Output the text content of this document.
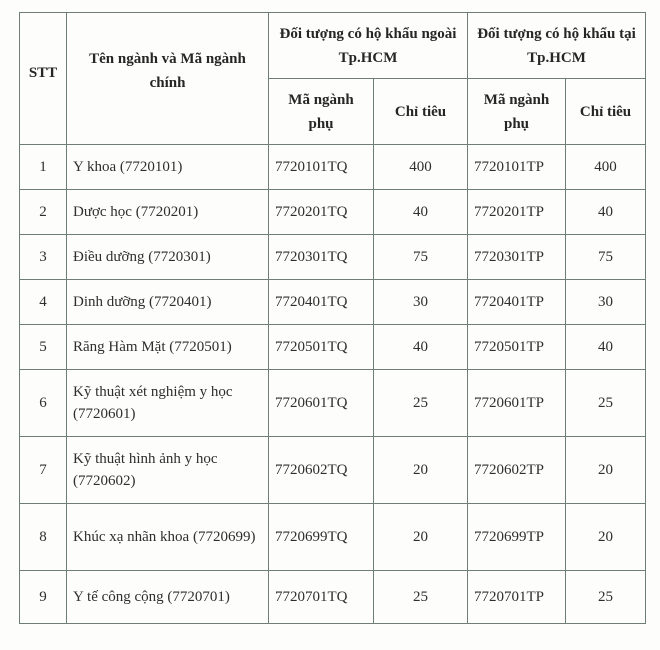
STT	Tên ngành và Mã ngành chính	Đối tượng có hộ khẩu ngoài Tp.HCM		Đối tượng có hộ khẩu tại Tp.HCM	
		Mã ngành phụ	Chỉ tiêu	Mã ngành phụ	Chỉ tiêu
1	Y khoa (7720101)	7720101TQ	400	7720101TP	400
2	Dược học (7720201)	7720201TQ	40	7720201TP	40
3	Điều dưỡng (7720301)	7720301TQ	75	7720301TP	75
4	Dinh dưỡng (7720401)	7720401TQ	30	7720401TP	30
5	Răng Hàm Mặt (7720501)	7720501TQ	40	7720501TP	40
6	Kỹ thuật xét nghiệm y học (7720601)	7720601TQ	25	7720601TP	25
7	Kỹ thuật hình ảnh y học (7720602)	7720602TQ	20	7720602TP	20
8	Khúc xạ nhãn khoa (7720699)	7720699TQ	20	7720699TP	20
9	Y tế công cộng (7720701)	7720701TQ	25	7720701TP	25
